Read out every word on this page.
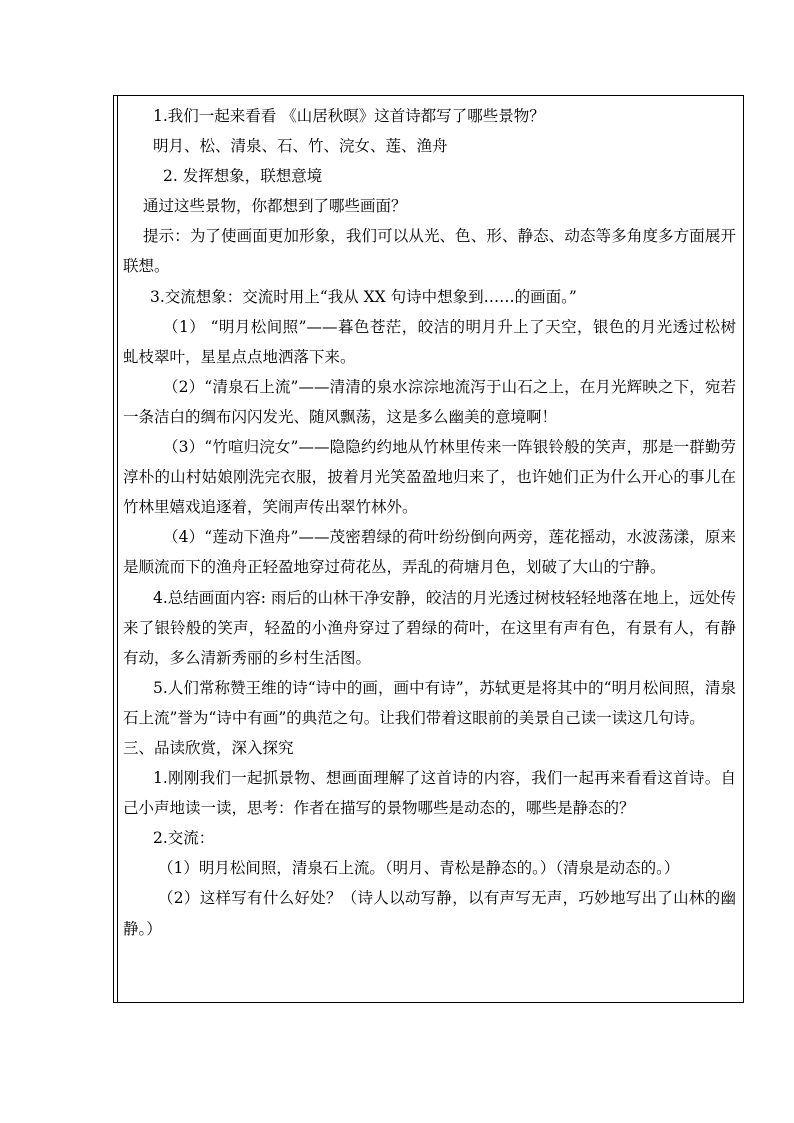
1.我们一起来看看 《山居秋暝》这首诗都写了哪些景物？

明月、松、清泉、石、竹、浣女、莲、渔舟

2. 发挥想象，联想意境

通过这些景物，你都想到了哪些画面？

提示：为了使画面更加形象，我们可以从光、色、形、静态、动态等多角度多方面展开联想。

3.交流想象：交流时用上“我从 XX 句诗中想象到……的画面。”

（1） “明月松间照”——暮色苍茫，皎洁的明月升上了天空，银色的月光透过松树虬枝翠叶，星星点点地洒落下来。

（2）“清泉石上流”——清清的泉水淙淙地流泻于山石之上，在月光辉映之下，宛若一条洁白的绸布闪闪发光、随风飘荡，这是多么幽美的意境啊！

（3）“竹喧归浣女”——隐隐约约地从竹林里传来一阵银铃般的笑声，那是一群勤劳淳朴的山村姑娘刚洗完衣服，披着月光笑盈盈地归来了，也许她们正为什么开心的事儿在竹林里嬉戏追逐着，笑闹声传出翠竹林外。

（4）“莲动下渔舟”——茂密碧绿的荷叶纷纷倒向两旁，莲花摇动，水波荡漾，原来是顺流而下的渔舟正轻盈地穿过荷花丛，弄乱的荷塘月色，划破了大山的宁静。

4.总结画面内容: 雨后的山林干净安静，皎洁的月光透过树枝轻轻地落在地上，远处传来了银铃般的笑声，轻盈的小渔舟穿过了碧绿的荷叶，在这里有声有色，有景有人，有静有动，多么清新秀丽的乡村生活图。

5.人们常称赞王维的诗“诗中的画，画中有诗”，苏轼更是将其中的“明月松间照，清泉石上流”誉为“诗中有画”的典范之句。让我们带着这眼前的美景自己读一读这几句诗。

三、品读欣赏，深入探究

1.刚刚我们一起抓景物、想画面理解了这首诗的内容，我们一起再来看看这首诗。自己小声地读一读，思考：作者在描写的景物哪些是动态的，哪些是静态的？

2.交流：

（1）明月松间照，清泉石上流。（明月、青松是静态的。）（清泉是动态的。）

（2）这样写有什么好处？（诗人以动写静，以有声写无声，巧妙地写出了山林的幽静。）
